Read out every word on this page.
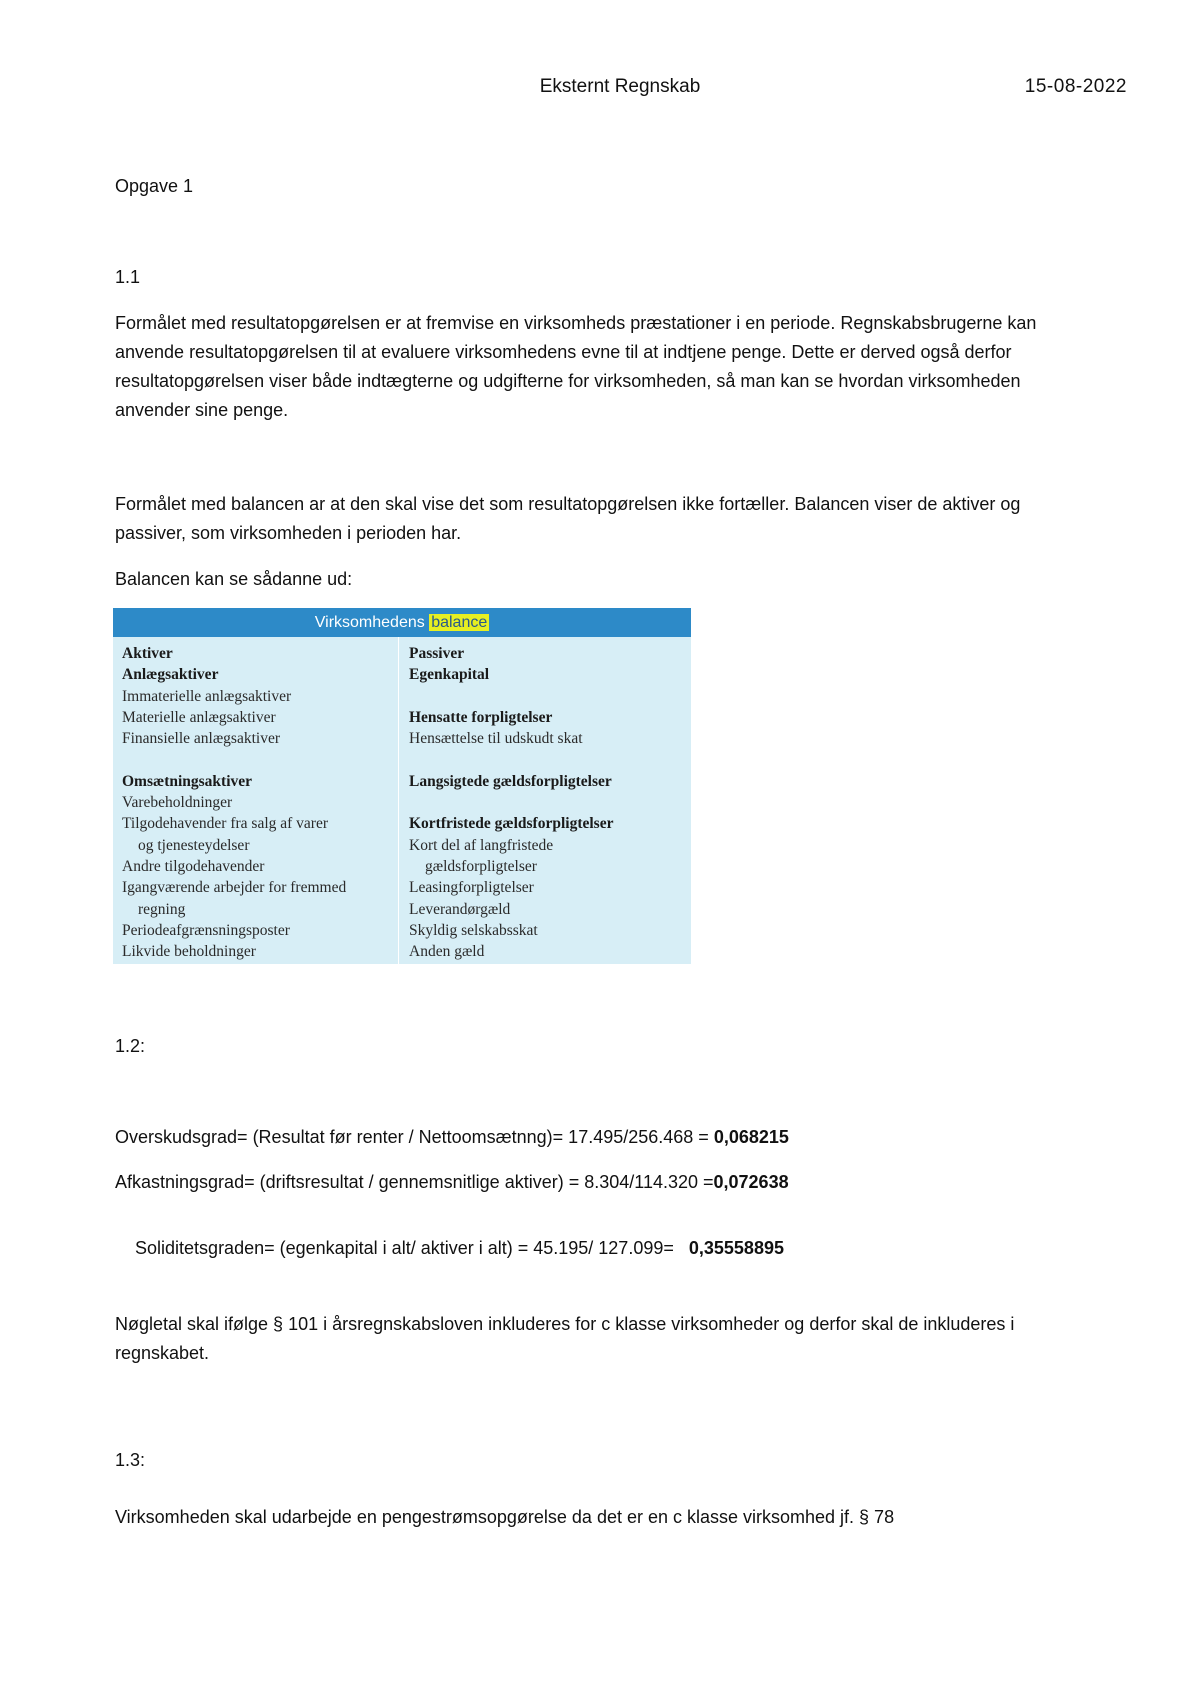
Eksternt Regnskab	15-08-2022

Opgave 1

1.1

Formålet med resultatopgørelsen er at fremvise en virksomheds præstationer i en periode. Regnskabsbrugerne kan anvende resultatopgørelsen til at evaluere virksomhedens evne til at indtjene penge. Dette er derved også derfor resultatopgørelsen viser både indtægterne og udgifterne for virksomheden, så man kan se hvordan virksomheden anvender sine penge.

Formålet med balancen ar at den skal vise det som resultatopgørelsen ikke fortæller. Balancen viser de aktiver og passiver, som virksomheden i perioden har.

Balancen kan se sådanne ud:

Virksomhedens balance
Aktiver
Anlægsaktiver
Immaterielle anlægsaktiver
Materielle anlægsaktiver
Finansielle anlægsaktiver
Omsætningsaktiver
Varebeholdninger
Tilgodehavender fra salg af varer
og tjenesteydelser
Andre tilgodehavender
Igangværende arbejder for fremmed
regning
Periodeafgrænsningsposter
Likvide beholdninger
Passiver
Egenkapital
Hensatte forpligtelser
Hensættelse til udskudt skat
Langsigtede gældsforpligtelser
Kortfristede gældsforpligtelser
Kort del af langfristede
gældsforpligtelser
Leasingforpligtelser
Leverandørgæld
Skyldig selskabsskat
Anden gæld

1.2:

Overskudsgrad= (Resultat før renter / Nettoomsætnng)= 17.495/256.468 = 0,068215
Afkastningsgrad= (driftsresultat / gennemsnitlige aktiver) = 8.304/114.320 =0,072638

Soliditetsgraden= (egenkapital i alt/ aktiver i alt) = 45.195/ 127.099=   0,35558895

Nøgletal skal ifølge § 101 i årsregnskabsloven inkluderes for c klasse virksomheder og derfor skal de inkluderes i regnskabet.

1.3:

Virksomheden skal udarbejde en pengestrømsopgørelse da det er en c klasse virksomhed jf. § 78
